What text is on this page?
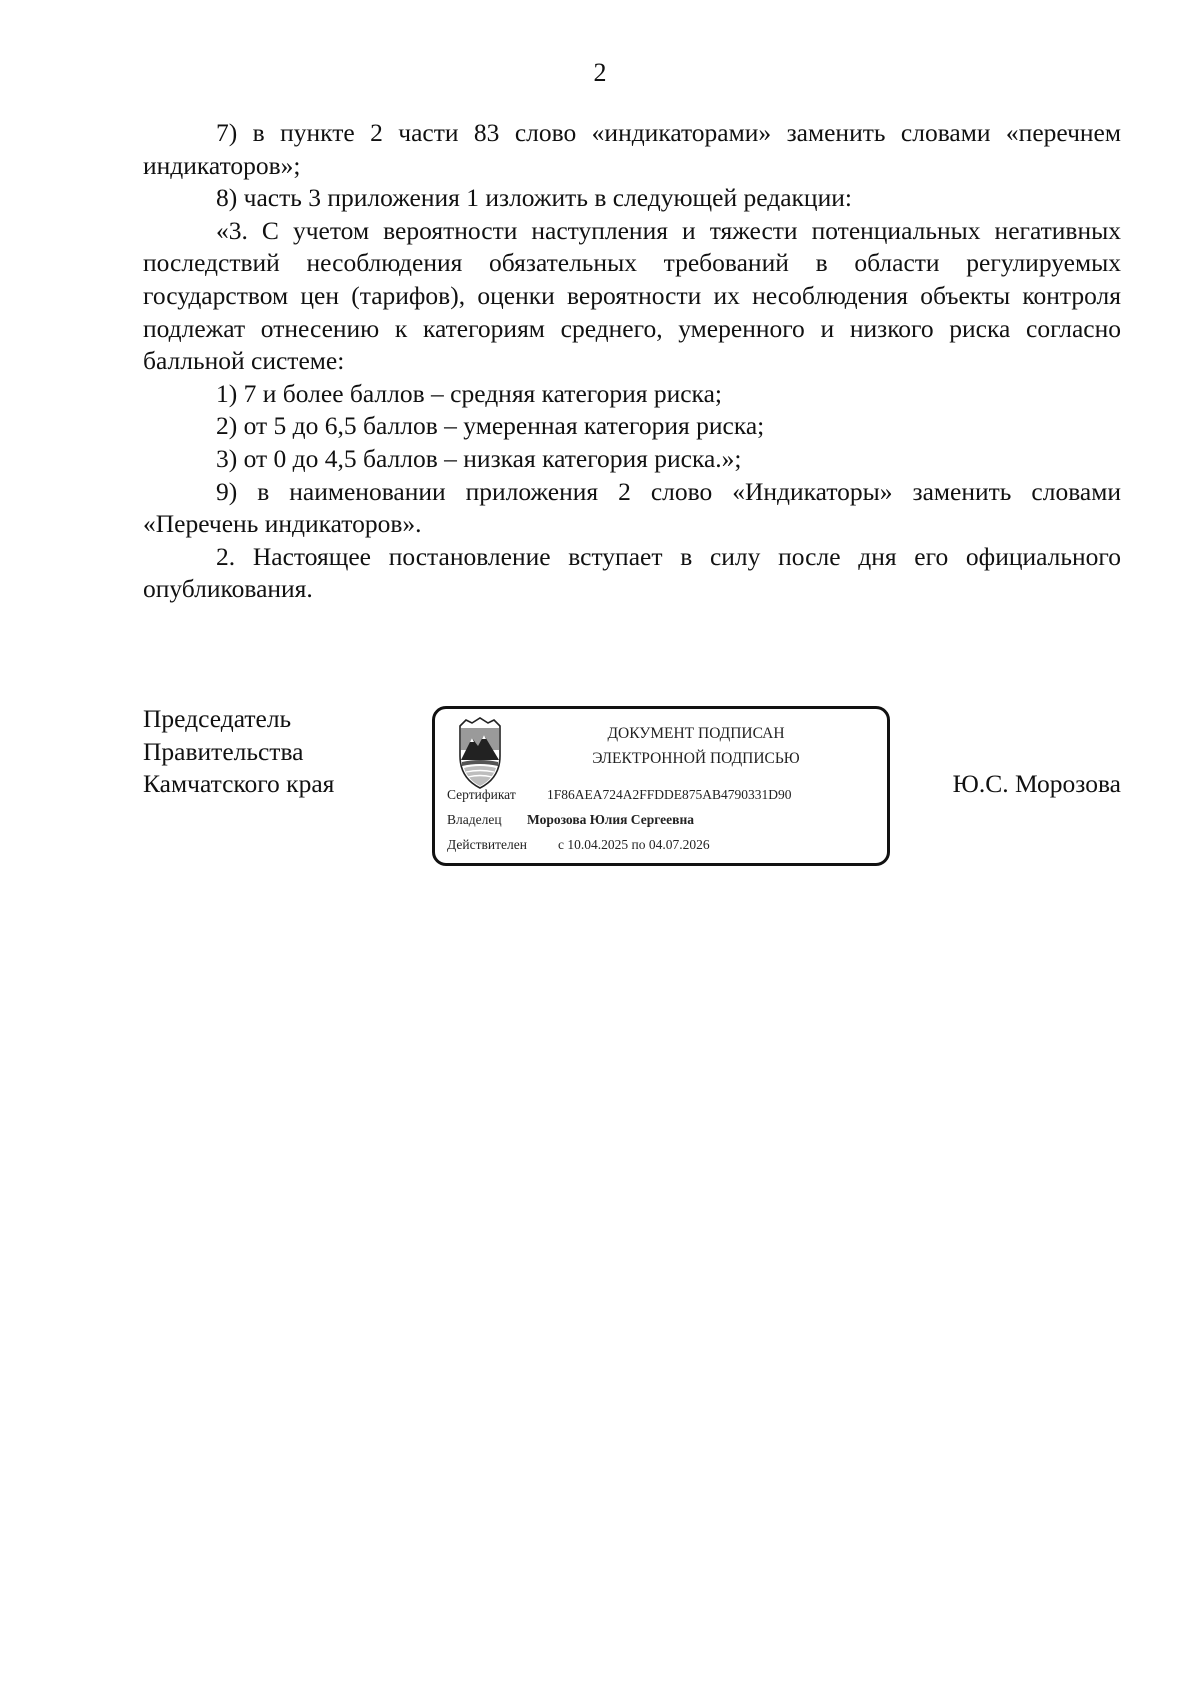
2

7) в пункте 2 части 83 слово «индикаторами» заменить словами «перечнем индикаторов»;

8) часть 3 приложения 1 изложить в следующей редакции:

«3. С учетом вероятности наступления и тяжести потенциальных негативных последствий несоблюдения обязательных требований в области регулируемых государством цен (тарифов), оценки вероятности их несоблюдения объекты контроля подлежат отнесению к категориям среднего, умеренного и низкого риска согласно балльной системе:

1) 7 и более баллов – средняя категория риска;

2) от 5 до 6,5 баллов – умеренная категория риска;

3) от 0 до 4,5 баллов – низкая категория риска.»;

9) в наименовании приложения 2 слово «Индикаторы» заменить словами «Перечень индикаторов».

2. Настоящее постановление вступает в силу после дня его официального опубликования.

Председатель
Правительства
Камчатского края
ДОКУМЕНТ ПОДПИСАН
ЭЛЕКТРОННОЙ ПОДПИСЬЮ
Сертификат 1F86AEA724A2FFDDE875AB4790331D90
Владелец Морозова Юлия Сергеевна
Действителен с 10.04.2025 по 04.07.2026
Ю.С. Морозова
